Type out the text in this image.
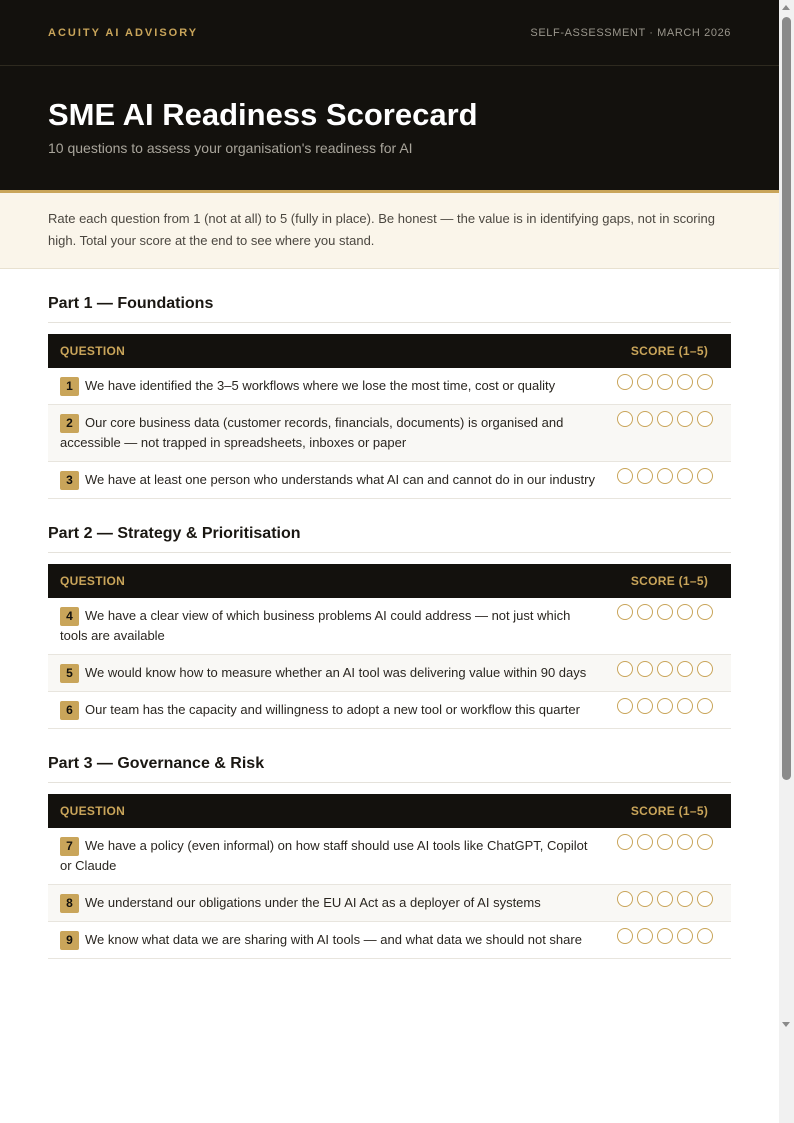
ACUITY AI ADVISORY	SELF-ASSESSMENT · MARCH 2026
SME AI Readiness Scorecard

10 questions to assess your organisation's readiness for AI

Rate each question from 1 (not at all) to 5 (fully in place). Be honest — the value is in identifying gaps, not in scoring high. Total your score at the end to see where you stand.
Part 1 — Foundations
QUESTION	SCORE (1–5)
1 We have identified the 3–5 workflows where we lose the most time, cost or quality	
2 Our core business data (customer records, financials, documents) is organised and accessible — not trapped in spreadsheets, inboxes or paper	
3 We have at least one person who understands what AI can and cannot do in our industry	
Part 2 — Strategy & Prioritisation
QUESTION	SCORE (1–5)
4 We have a clear view of which business problems AI could address — not just which tools are available	
5 We would know how to measure whether an AI tool was delivering value within 90 days	
6 Our team has the capacity and willingness to adopt a new tool or workflow this quarter	
Part 3 — Governance & Risk
QUESTION	SCORE (1–5)
7 We have a policy (even informal) on how staff should use AI tools like ChatGPT, Copilot or Claude	
8 We understand our obligations under the EU AI Act as a deployer of AI systems	
9 We know what data we are sharing with AI tools — and what data we should not share	
